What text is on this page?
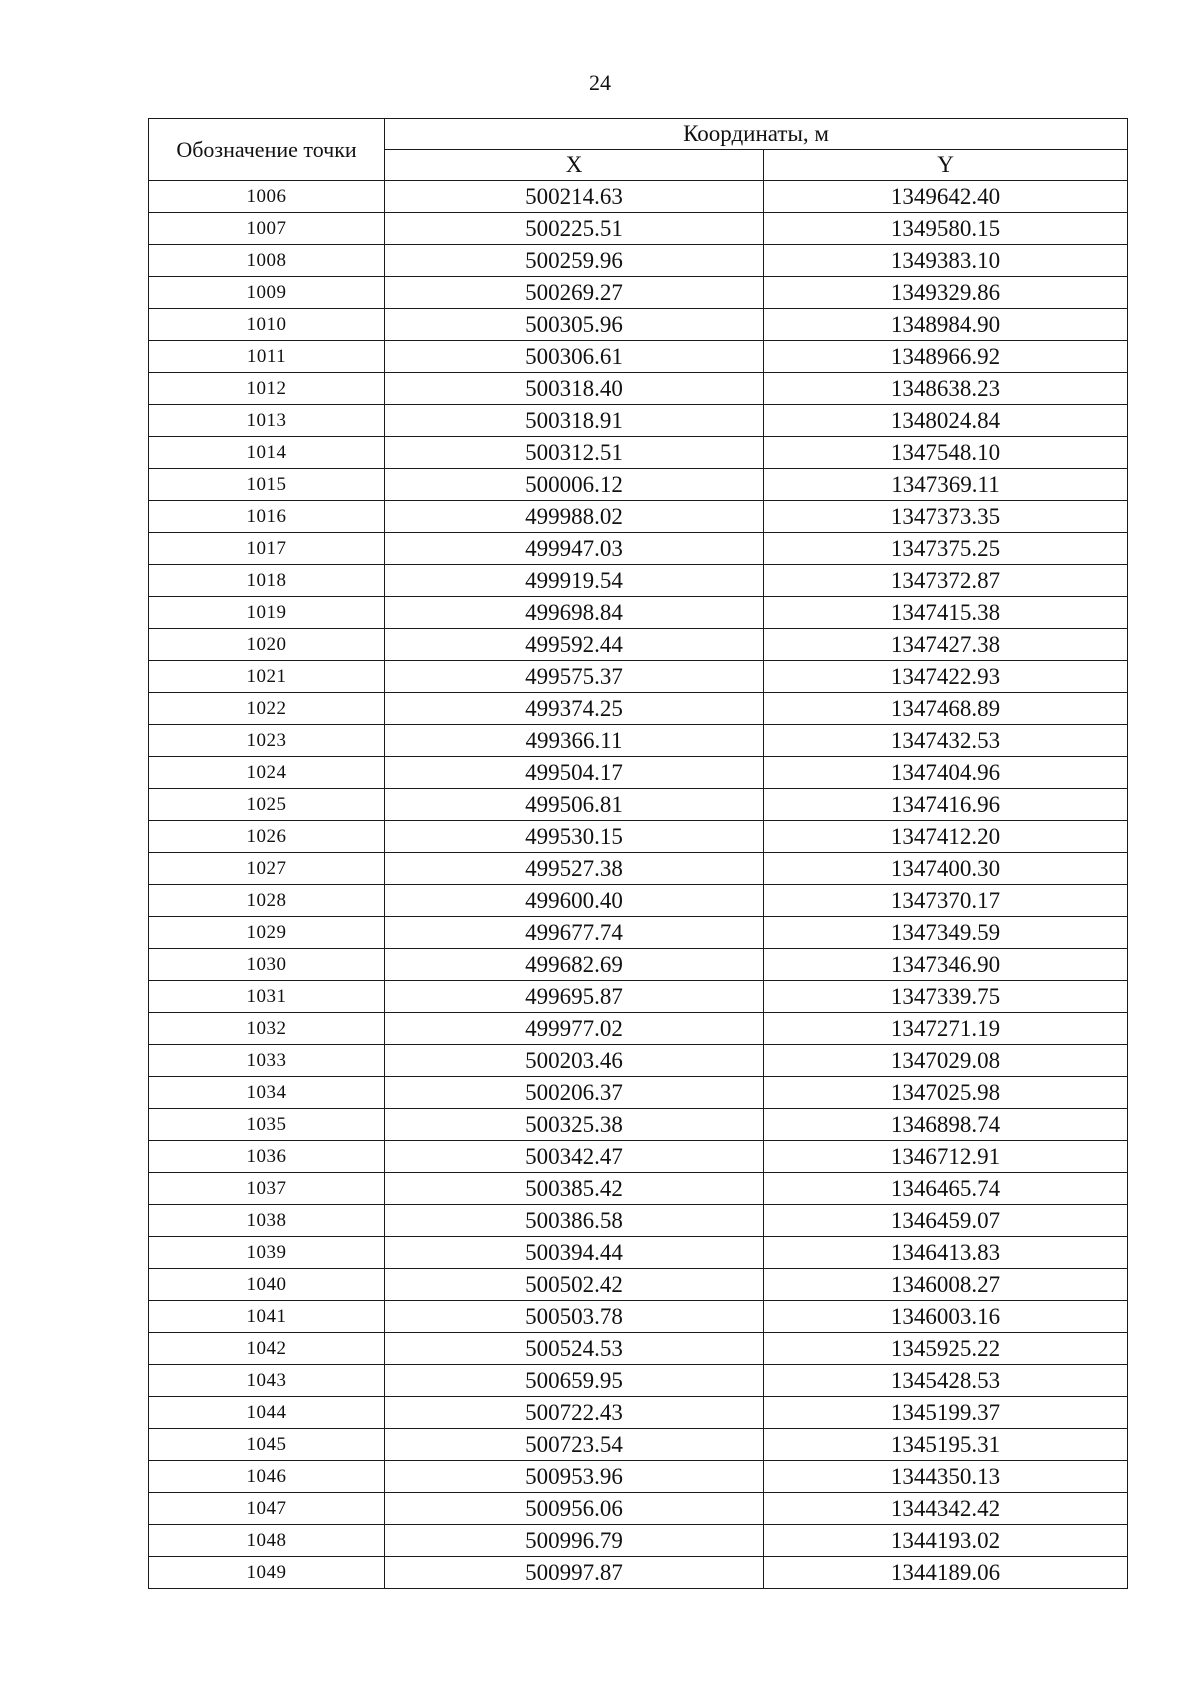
24
Обозначение точки	Координаты, м	
	X	Y
1006	500214.63	1349642.40
1007	500225.51	1349580.15
1008	500259.96	1349383.10
1009	500269.27	1349329.86
1010	500305.96	1348984.90
1011	500306.61	1348966.92
1012	500318.40	1348638.23
1013	500318.91	1348024.84
1014	500312.51	1347548.10
1015	500006.12	1347369.11
1016	499988.02	1347373.35
1017	499947.03	1347375.25
1018	499919.54	1347372.87
1019	499698.84	1347415.38
1020	499592.44	1347427.38
1021	499575.37	1347422.93
1022	499374.25	1347468.89
1023	499366.11	1347432.53
1024	499504.17	1347404.96
1025	499506.81	1347416.96
1026	499530.15	1347412.20
1027	499527.38	1347400.30
1028	499600.40	1347370.17
1029	499677.74	1347349.59
1030	499682.69	1347346.90
1031	499695.87	1347339.75
1032	499977.02	1347271.19
1033	500203.46	1347029.08
1034	500206.37	1347025.98
1035	500325.38	1346898.74
1036	500342.47	1346712.91
1037	500385.42	1346465.74
1038	500386.58	1346459.07
1039	500394.44	1346413.83
1040	500502.42	1346008.27
1041	500503.78	1346003.16
1042	500524.53	1345925.22
1043	500659.95	1345428.53
1044	500722.43	1345199.37
1045	500723.54	1345195.31
1046	500953.96	1344350.13
1047	500956.06	1344342.42
1048	500996.79	1344193.02
1049	500997.87	1344189.06
